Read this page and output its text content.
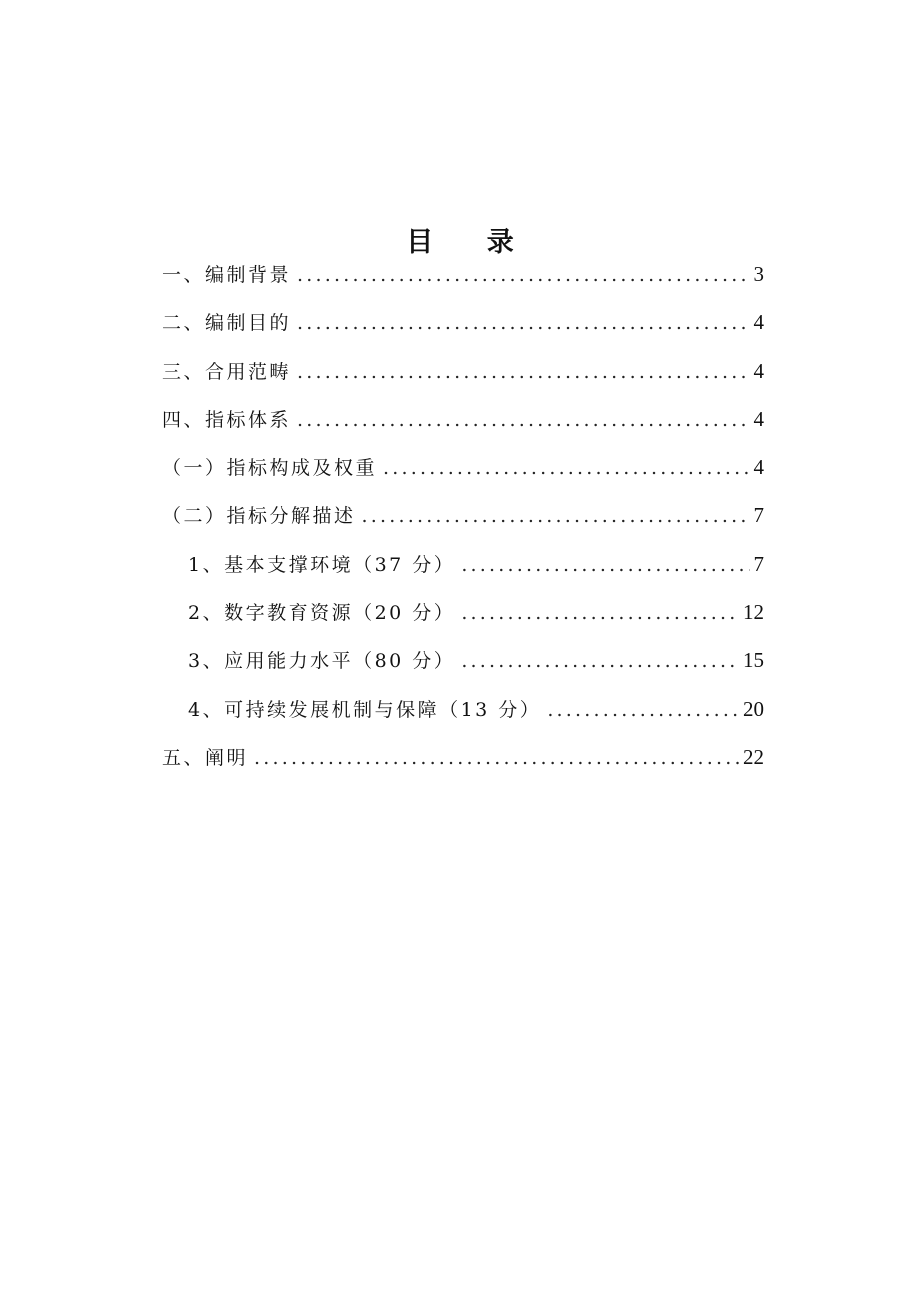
目 录
一、编制背景 .....	3
二、编制目的 .....	4
三、合用范畴 .....	4
四、指标体系 .....	4
（一）指标构成及权重 .....	4
（二）指标分解描述 .....	7
1、基本支撑环境（37 分） .....	7
2、数字教育资源（20 分） .....	12
3、应用能力水平（80 分） .....	15
4、可持续发展机制与保障（13 分） .....	20
五、阐明 .....	22
